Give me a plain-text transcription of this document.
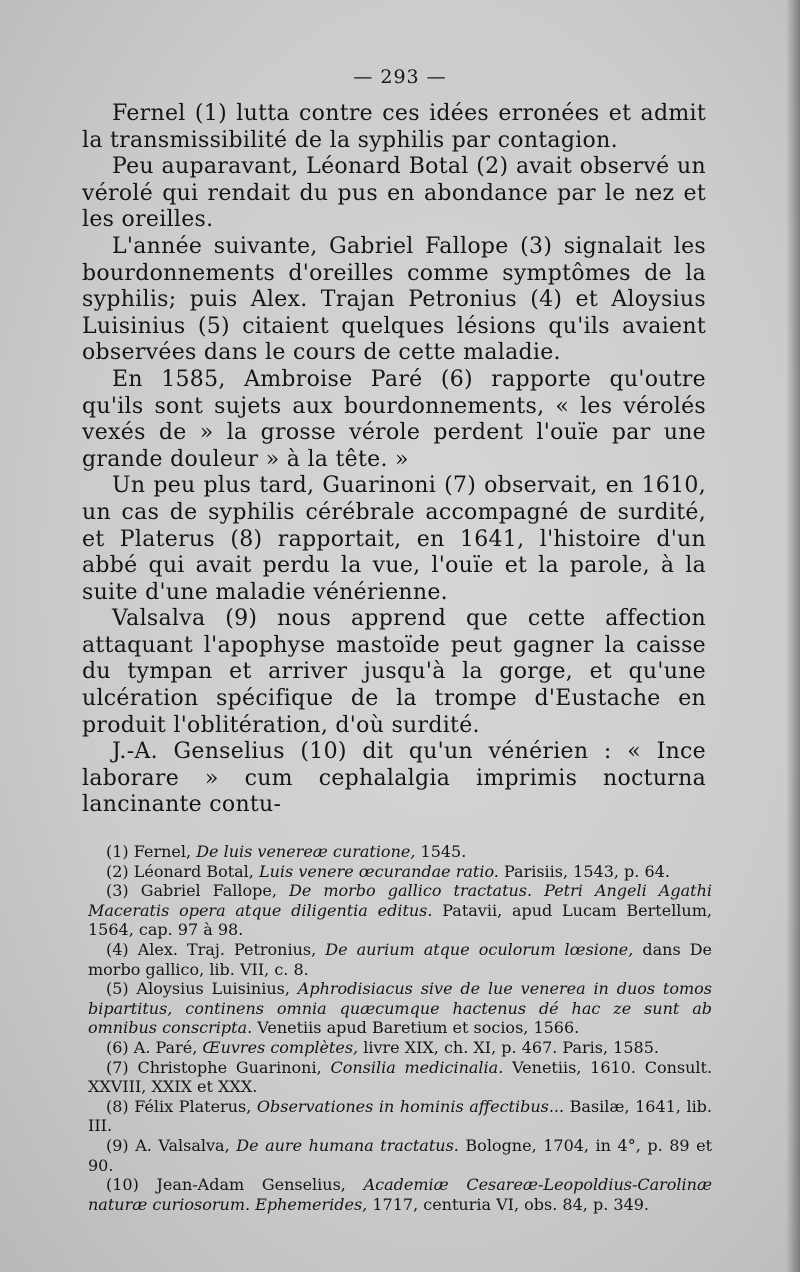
— 293 —

Fernel (1) lutta contre ces idées erronées et admit la transmissibilité de la syphilis par contagion.

Peu auparavant, Léonard Botal (2) avait observé un vérolé qui rendait du pus en abondance par le nez et les oreilles.

L'année suivante, Gabriel Fallope (3) signalait les bourdonnements d'oreilles comme symptômes de la syphilis; puis Alex. Trajan Petronius (4) et Aloysius Luisinius (5) citaient quelques lésions qu'ils avaient observées dans le cours de cette maladie.

En 1585, Ambroise Paré (6) rapporte qu'outre qu'ils sont sujets aux bourdonnements, « les vérolés vexés de » la grosse vérole perdent l'ouïe par une grande douleur » à la tête. »

Un peu plus tard, Guarinoni (7) observait, en 1610, un cas de syphilis cérébrale accompagné de surdité, et Platerus (8) rapportait, en 1641, l'histoire d'un abbé qui avait perdu la vue, l'ouïe et la parole, à la suite d'une maladie vénérienne.

Valsalva (9) nous apprend que cette affection attaquant l'apophyse mastoïde peut gagner la caisse du tympan et arriver jusqu'à la gorge, et qu'une ulcération spécifique de la trompe d'Eustache en produit l'oblitération, d'où surdité.

J.-A. Genselius (10) dit qu'un vénérien : « Ince laborare » cum cephalalgia imprimis nocturna lancinante contu-

(1) Fernel, De luis venereæ curatione, 1545.

(2) Léonard Botal, Luis venere œcurandae ratio. Parisiis, 1543, p. 64.

(3) Gabriel Fallope, De morbo gallico tractatus. Petri Angeli Agathi Maceratis opera atque diligentia editus. Patavii, apud Lucam Bertellum, 1564, cap. 97 à 98.

(4) Alex. Traj. Petronius, De aurium atque oculorum lœsione, dans De morbo gallico, lib. VII, c. 8.

(5) Aloysius Luisinius, Aphrodisiacus sive de lue venerea in duos tomos bipartitus, continens omnia quæcumque hactenus dé hac ze sunt ab omnibus conscripta. Venetiis apud Baretium et socios, 1566.

(6) A. Paré, Œuvres complètes, livre XIX, ch. XI, p. 467. Paris, 1585.

(7) Christophe Guarinoni, Consilia medicinalia. Venetiis, 1610. Consult. XXVIII, XXIX et XXX.

(8) Félix Platerus, Observationes in hominis affectibus... Basilæ, 1641, lib. III.

(9) A. Valsalva, De aure humana tractatus. Bologne, 1704, in 4°, p. 89 et 90.

(10) Jean-Adam Genselius, Academiæ Cesareæ-Leopoldius-Carolinæ naturæ curiosorum. Ephemerides, 1717, centuria VI, obs. 84, p. 349.
